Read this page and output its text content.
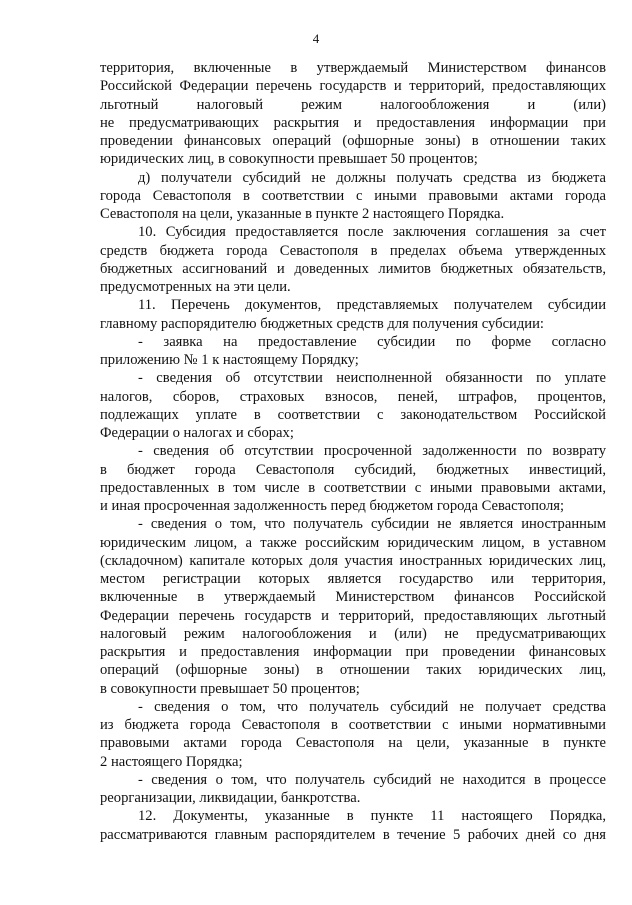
4

территория, включенные в утверждаемый Министерством финансов

Российской Федерации перечень государств и территорий, предоставляющих

льготный налоговый режим налогообложения и (или)

не предусматривающих раскрытия и предоставления информации при

проведении финансовых операций (офшорные зоны) в отношении таких

юридических лиц, в совокупности превышает 50 процентов;

д) получатели субсидий не должны получать средства из бюджета

города Севастополя в соответствии с иными правовыми актами города

Севастополя на цели, указанные в пункте 2 настоящего Порядка.

10. Субсидия предоставляется после заключения соглашения за счет

средств бюджета города Севастополя в пределах объема утвержденных

бюджетных ассигнований и доведенных лимитов бюджетных обязательств,

предусмотренных на эти цели.

11. Перечень документов, представляемых получателем субсидии

главному распорядителю бюджетных средств для получения субсидии:

- заявка на предоставление субсидии по форме согласно

приложению № 1 к настоящему Порядку;

- сведения об отсутствии неисполненной обязанности по уплате

налогов, сборов, страховых взносов, пеней, штрафов, процентов,

подлежащих уплате в соответствии с законодательством Российской

Федерации о налогах и сборах;

- сведения об отсутствии просроченной задолженности по возврату

в бюджет города Севастополя субсидий, бюджетных инвестиций,

предоставленных в том числе в соответствии с иными правовыми актами,

и иная просроченная задолженность перед бюджетом города Севастополя;

- сведения о том, что получатель субсидии не является иностранным

юридическим лицом, а также российским юридическим лицом, в уставном

(складочном) капитале которых доля участия иностранных юридических лиц,

местом регистрации которых является государство или территория,

включенные в утверждаемый Министерством финансов Российской

Федерации перечень государств и территорий, предоставляющих льготный

налоговый режим налогообложения и (или) не предусматривающих

раскрытия и предоставления информации при проведении финансовых

операций (офшорные зоны) в отношении таких юридических лиц,

в совокупности превышает 50 процентов;

- сведения о том, что получатель субсидий не получает средства

из бюджета города Севастополя в соответствии с иными нормативными

правовыми актами города Севастополя на цели, указанные в пункте

2 настоящего Порядка;

- сведения о том, что получатель субсидий не находится в процессе

реорганизации, ликвидации, банкротства.

12. Документы, указанные в пункте 11 настоящего Порядка,

рассматриваются главным распорядителем в течение 5 рабочих дней со дня
